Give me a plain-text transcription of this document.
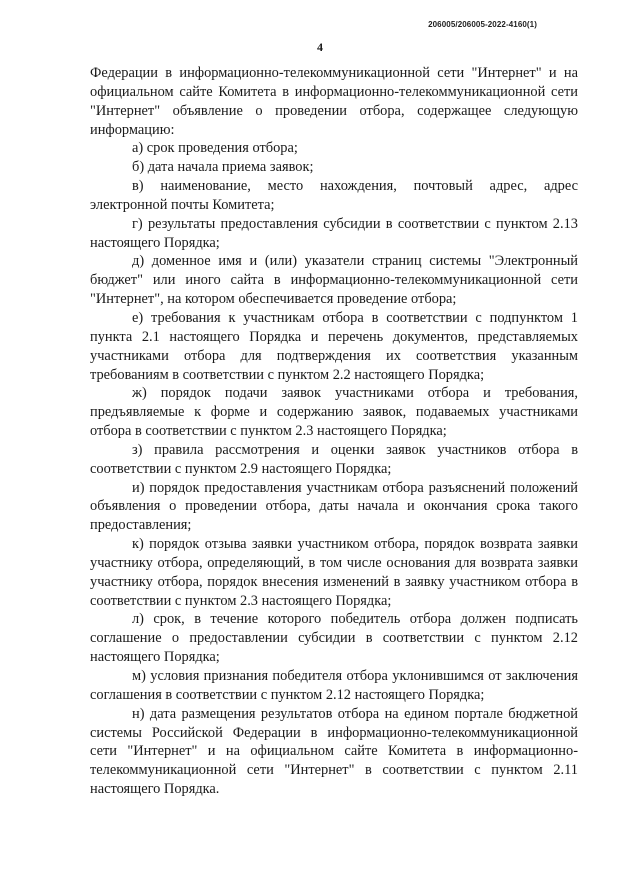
206005/206005-2022-4160(1)
4

Федерации в информационно-телекоммуникационной сети "Интернет" и на официальном сайте Комитета в информационно-телекоммуникационной сети "Интернет" объявление о проведении отбора, содержащее следующую информацию:

а) срок проведения отбора;

б) дата начала приема заявок;

в) наименование, место нахождения, почтовый адрес, адрес электронной почты Комитета;

г) результаты предоставления субсидии в соответствии с пунктом 2.13 настоящего Порядка;

д) доменное имя и (или) указатели страниц системы "Электронный бюджет" или иного сайта в информационно-телекоммуникационной сети "Интернет", на котором обеспечивается проведение отбора;

е) требования к участникам отбора в соответствии с подпунктом 1 пункта 2.1 настоящего Порядка и перечень документов, представляемых участниками отбора для подтверждения их соответствия указанным требованиям в соответствии с пунктом 2.2 настоящего Порядка;

ж) порядок подачи заявок участниками отбора и требования, предъявляемые к форме и содержанию заявок, подаваемых участниками отбора в соответствии с пунктом 2.3 настоящего Порядка;

з) правила рассмотрения и оценки заявок участников отбора в соответствии с пунктом 2.9 настоящего Порядка;

и) порядок предоставления участникам отбора разъяснений положений объявления о проведении отбора, даты начала и окончания срока такого предоставления;

к) порядок отзыва заявки участником отбора, порядок возврата заявки участнику отбора, определяющий, в том числе основания для возврата заявки участнику отбора, порядок внесения изменений в заявку участником отбора в соответствии с пунктом 2.3 настоящего Порядка;

л) срок, в течение которого победитель отбора должен подписать соглашение о предоставлении субсидии в соответствии с пунктом 2.12 настоящего Порядка;

м) условия признания победителя отбора уклонившимся от заключения соглашения в соответствии с пунктом 2.12 настоящего Порядка;

н) дата размещения результатов отбора на едином портале бюджетной системы Российской Федерации в информационно-телекоммуникационной сети "Интернет" и на официальном сайте Комитета в информационно-телекоммуникационной сети "Интернет" в соответствии с пунктом 2.11 настоящего Порядка.
